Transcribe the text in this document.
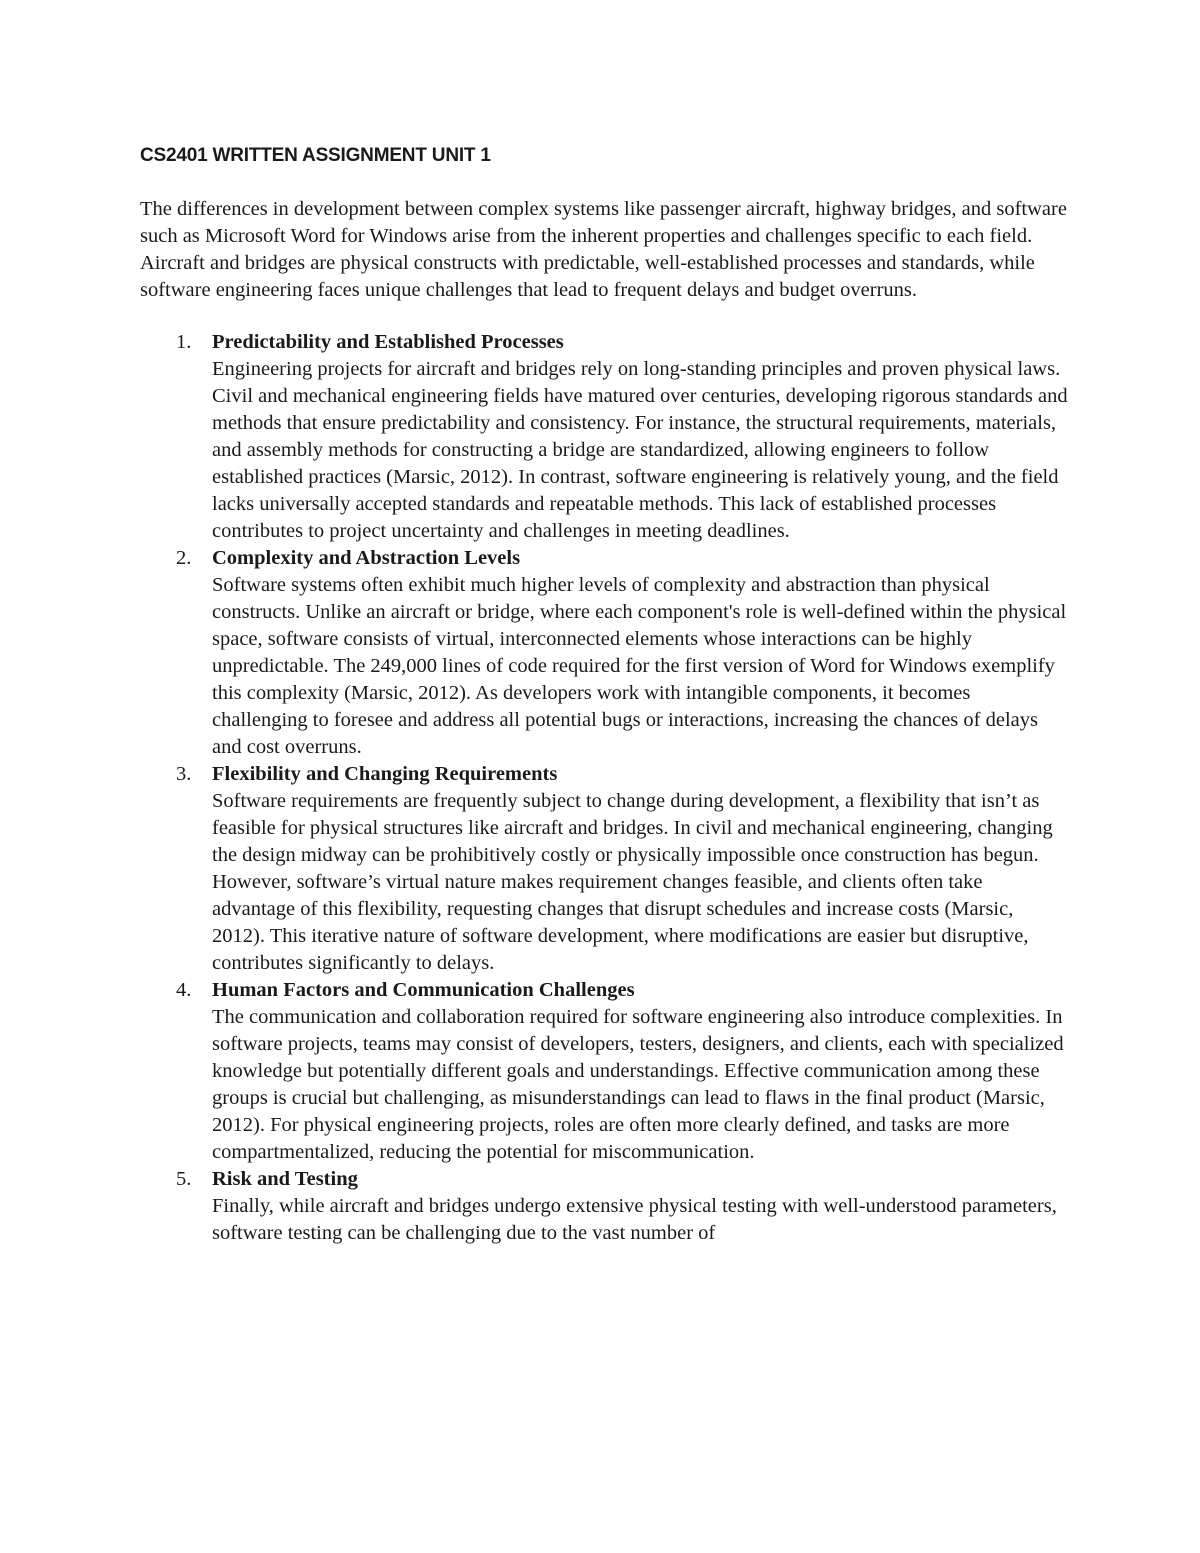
CS2401 WRITTEN ASSIGNMENT UNIT 1

The differences in development between complex systems like passenger aircraft, highway bridges, and software such as Microsoft Word for Windows arise from the inherent properties and challenges specific to each field. Aircraft and bridges are physical constructs with predictable, well-established processes and standards, while software engineering faces unique challenges that lead to frequent delays and budget overruns.

1. Predictability and Established Processes
Engineering projects for aircraft and bridges rely on long-standing principles and proven physical laws. Civil and mechanical engineering fields have matured over centuries, developing rigorous standards and methods that ensure predictability and consistency. For instance, the structural requirements, materials, and assembly methods for constructing a bridge are standardized, allowing engineers to follow established practices (Marsic, 2012). In contrast, software engineering is relatively young, and the field lacks universally accepted standards and repeatable methods. This lack of established processes contributes to project uncertainty and challenges in meeting deadlines.
2. Complexity and Abstraction Levels
Software systems often exhibit much higher levels of complexity and abstraction than physical constructs. Unlike an aircraft or bridge, where each component's role is well-defined within the physical space, software consists of virtual, interconnected elements whose interactions can be highly unpredictable. The 249,000 lines of code required for the first version of Word for Windows exemplify this complexity (Marsic, 2012). As developers work with intangible components, it becomes challenging to foresee and address all potential bugs or interactions, increasing the chances of delays and cost overruns.
3. Flexibility and Changing Requirements
Software requirements are frequently subject to change during development, a flexibility that isn’t as feasible for physical structures like aircraft and bridges. In civil and mechanical engineering, changing the design midway can be prohibitively costly or physically impossible once construction has begun. However, software’s virtual nature makes requirement changes feasible, and clients often take advantage of this flexibility, requesting changes that disrupt schedules and increase costs (Marsic, 2012). This iterative nature of software development, where modifications are easier but disruptive, contributes significantly to delays.
4. Human Factors and Communication Challenges
The communication and collaboration required for software engineering also introduce complexities. In software projects, teams may consist of developers, testers, designers, and clients, each with specialized knowledge but potentially different goals and understandings. Effective communication among these groups is crucial but challenging, as misunderstandings can lead to flaws in the final product (Marsic, 2012). For physical engineering projects, roles are often more clearly defined, and tasks are more compartmentalized, reducing the potential for miscommunication.
5. Risk and Testing
Finally, while aircraft and bridges undergo extensive physical testing with well-understood parameters, software testing can be challenging due to the vast number of
